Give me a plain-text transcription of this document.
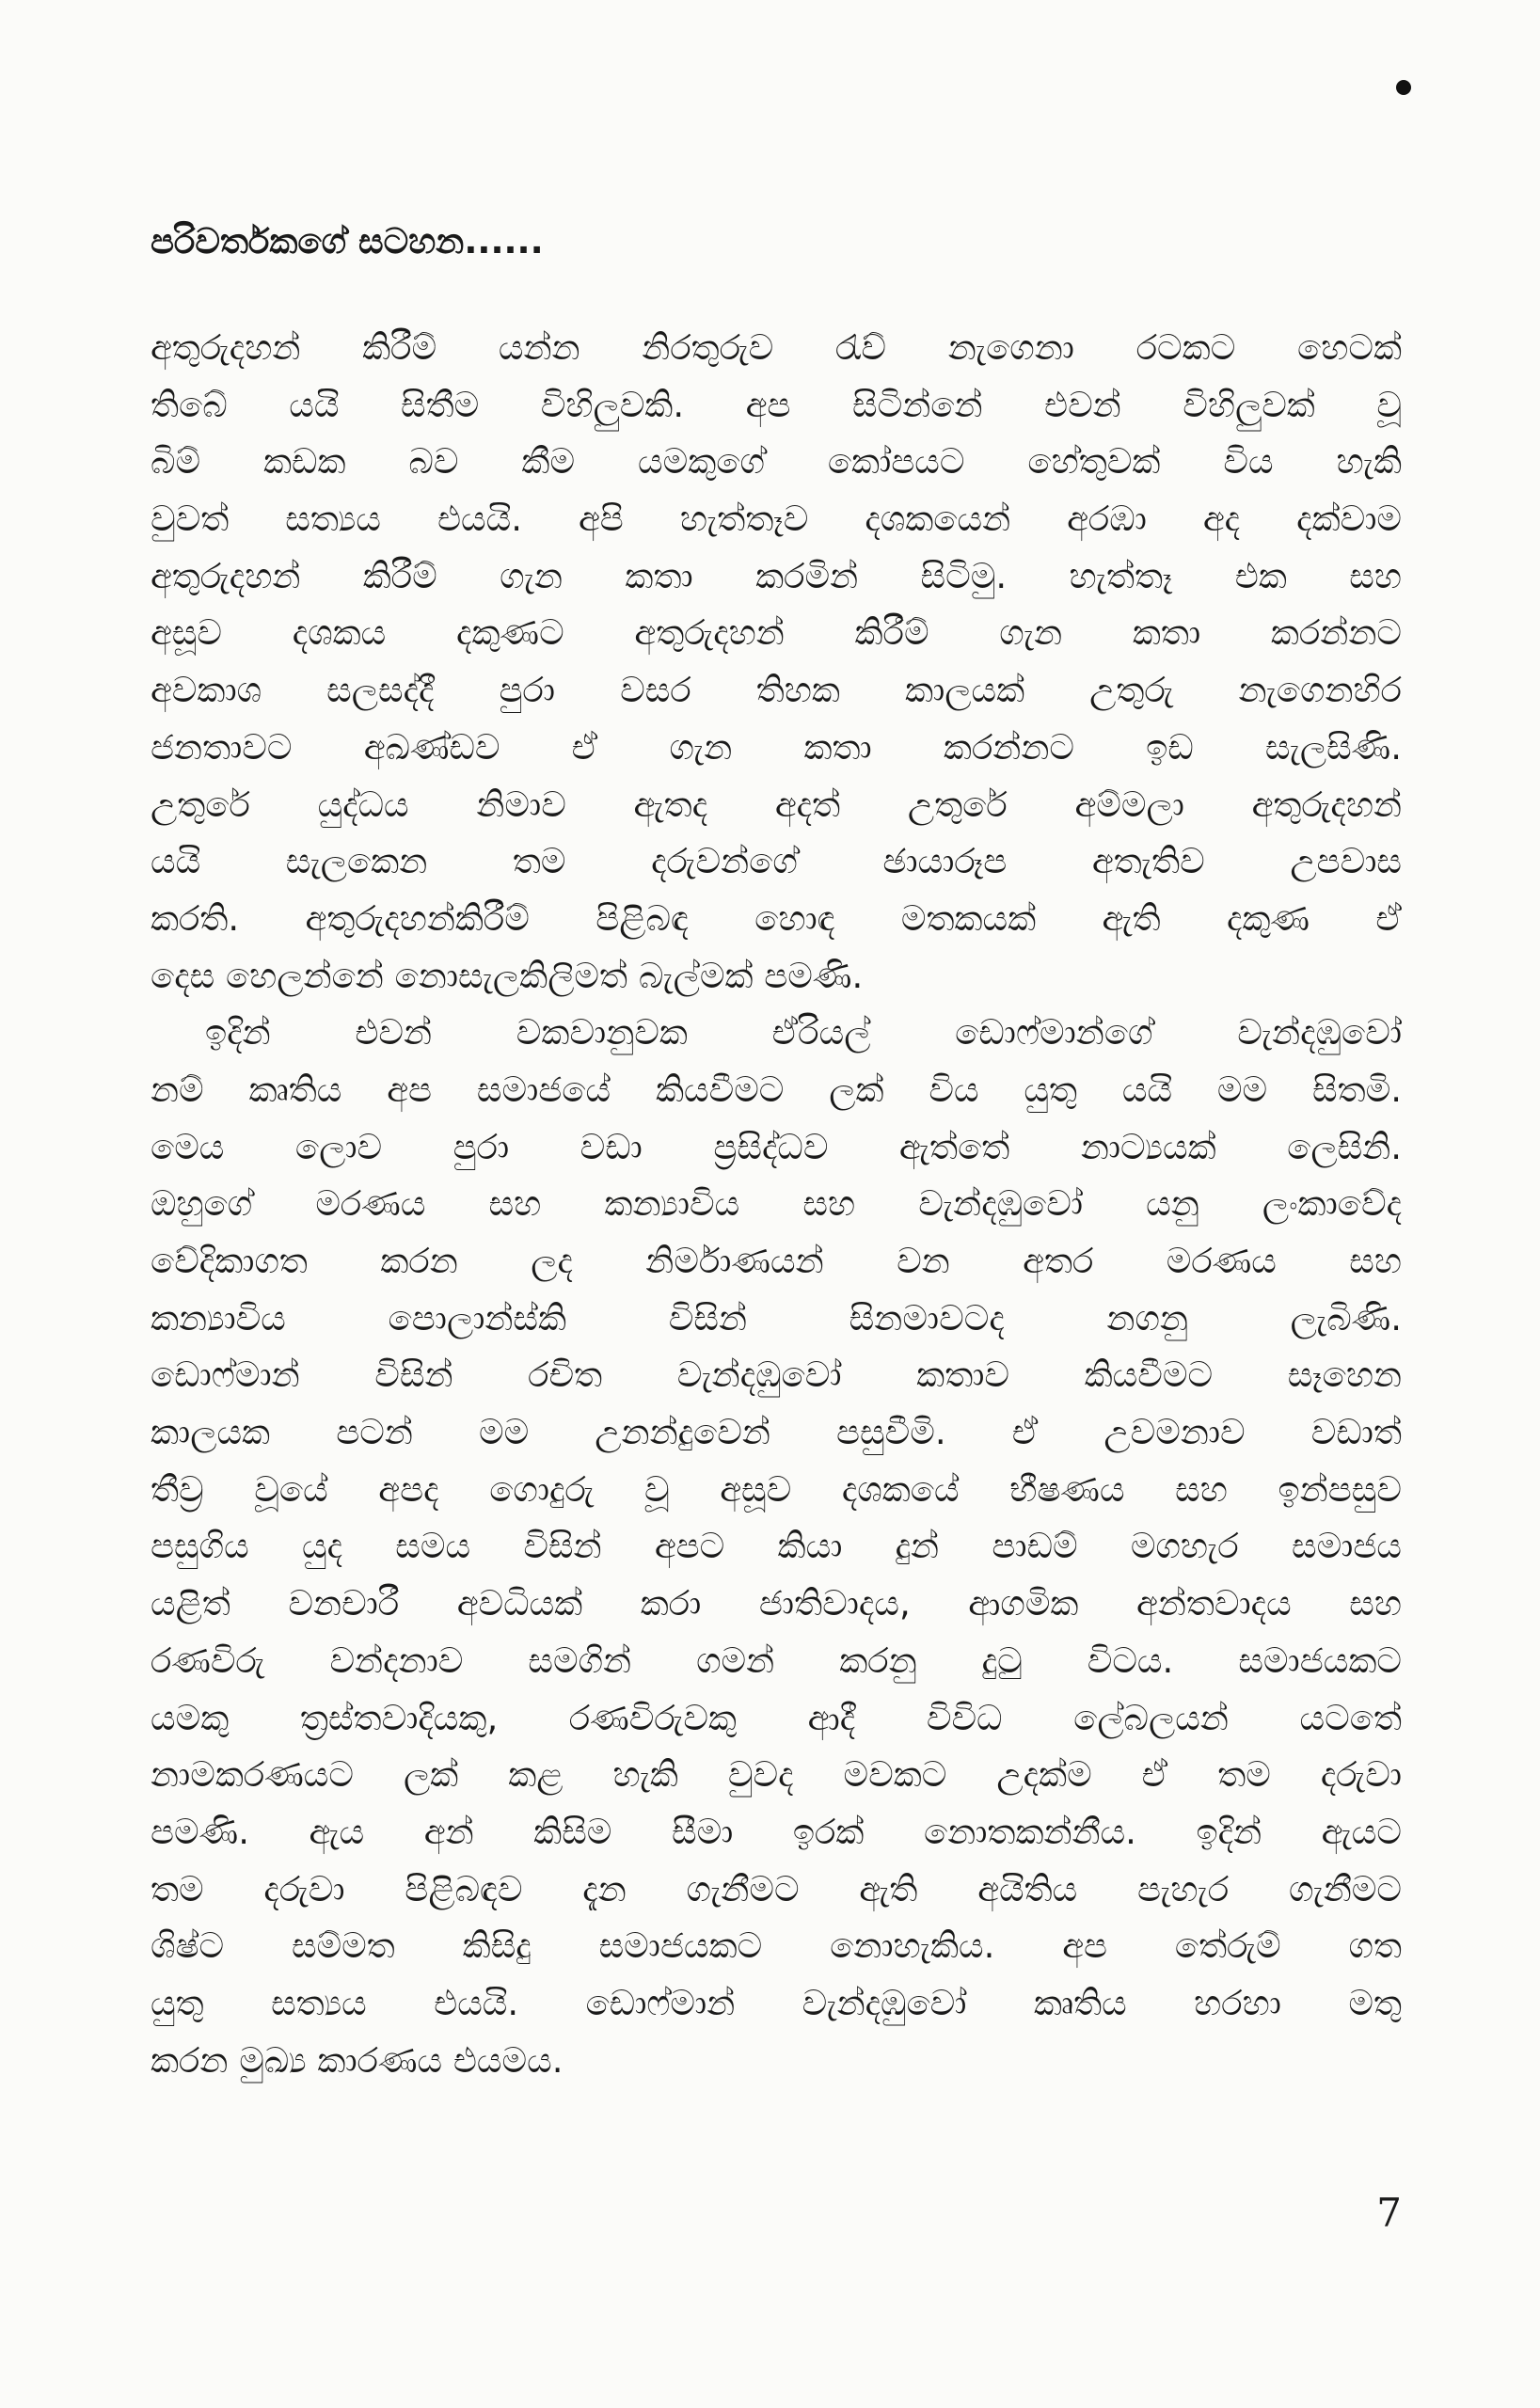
පරිවර්තකගේ සටහන......
අතුරුදහන් කිරීම් යන්න නිරතුරුව රැව් නැගෙනා රටකට හෙටක්
තිබේ යයි සිතීම විහිලුවකි. අප සිටින්නේ එවන් විහිලුවක් වූ
බිම් කඩක බව කීම යමකුගේ කෝපයට හේතුවක් විය හැකි
වුවත් සත්‍යය එයයි. අපි හැත්තෑව දශකයෙන් අරඹා අද දක්වාම
අතුරුදහන් කිරීම් ගැන කතා කරමින් සිටිමු. හැත්තෑ එක සහ
අසූව දශකය දකුණට අතුරුදහන් කිරීම් ගැන කතා කරන්නට
අවකාශ සලසද්දී පුරා වසර තිහක කාලයක් උතුරු නැගෙනහිර
ජනතාවට අඛණ්ඩව ඒ ගැන කතා කරන්නට ඉඩ සැලසිණි.
උතුරේ යුද්ධය නිමාව ඇතද අදත් උතුරේ අම්මලා අතුරුදහන්
යයි සැලකෙන තම දරුවන්ගේ ඡායාරූප අතැතිව උපවාස
කරති. අතුරුදහන්කිරීම් පිළිබඳ හොඳ මතකයක් ඇති දකුණ ඒ
දෙස හෙලන්නේ නොසැලකිලිමත් බැල්මක් පමණි.
ඉදින් එවන් වකවානුවක ඒරියල් ඩොෆ්මාන්ගේ වැන්දඹුවෝ
නම් කෘතිය අප සමාජයේ කියවීමට ලක් විය යුතු යයි මම සිතමි.
මෙය ලොව පුරා වඩා ප්‍රසිද්ධව ඇත්තේ නාට්‍යයක් ලෙසිනි.
ඔහුගේ මරණය සහ කන්‍යාවිය සහ වැන්දඹුවෝ යනු ලංකාවේද
වේදිකාගත කරන ලද නිර්මාණයන් වන අතර මරණය සහ
කන්‍යාවිය පොලාන්ස්කි විසින් සිනමාවටද නගනු ලැබිණි.
ඩොෆ්මාන් විසින් රචිත වැන්දඹුවෝ කතාව කියවීමට සෑහෙන
කාලයක පටන් මම උනන්දුවෙන් පසුවීමි. ඒ උවමනාව වඩාත්
තීව්‍ර වූයේ අපද ගොදුරු වූ අසූව දශකයේ භීෂණය සහ ඉන්පසුව
පසුගිය යුද සමය විසින් අපට කියා දුන් පාඩම් මගහැර සමාජය
යළිත් වනචාරී අවධියක් කරා ජාතිවාදය, ආගමික අන්තවාදය සහ
රණවිරු වන්දනාව සමගින් ගමන් කරනු දුටු විටය. සමාජයකට
යමකු ත්‍රස්තවාදියකු, රණවිරුවකු ආදී විවිධ ලේබලයන් යටතේ
නාමකරණයට ලක් කළ හැකි වුවද මවකට උදක්ම ඒ තම දරුවා
පමණි. ඇය අන් කිසිම සීමා ඉරක් නොතකන්නීය. ඉදින් ඇයට
තම දරුවා පිළිබඳව දැන ගැනීමට ඇති අයිතිය පැහැර ගැනීමට
ශිෂ්ට සම්මත කිසිදු සමාජයකට නොහැකිය. අප තේරුම් ගත
යුතු සත්‍යය එයයි. ඩොෆ්මාන් වැන්දඹුවෝ කෘතිය හරහා මතු
කරන මුඛ්‍ය කාරණය එයමය.
7
